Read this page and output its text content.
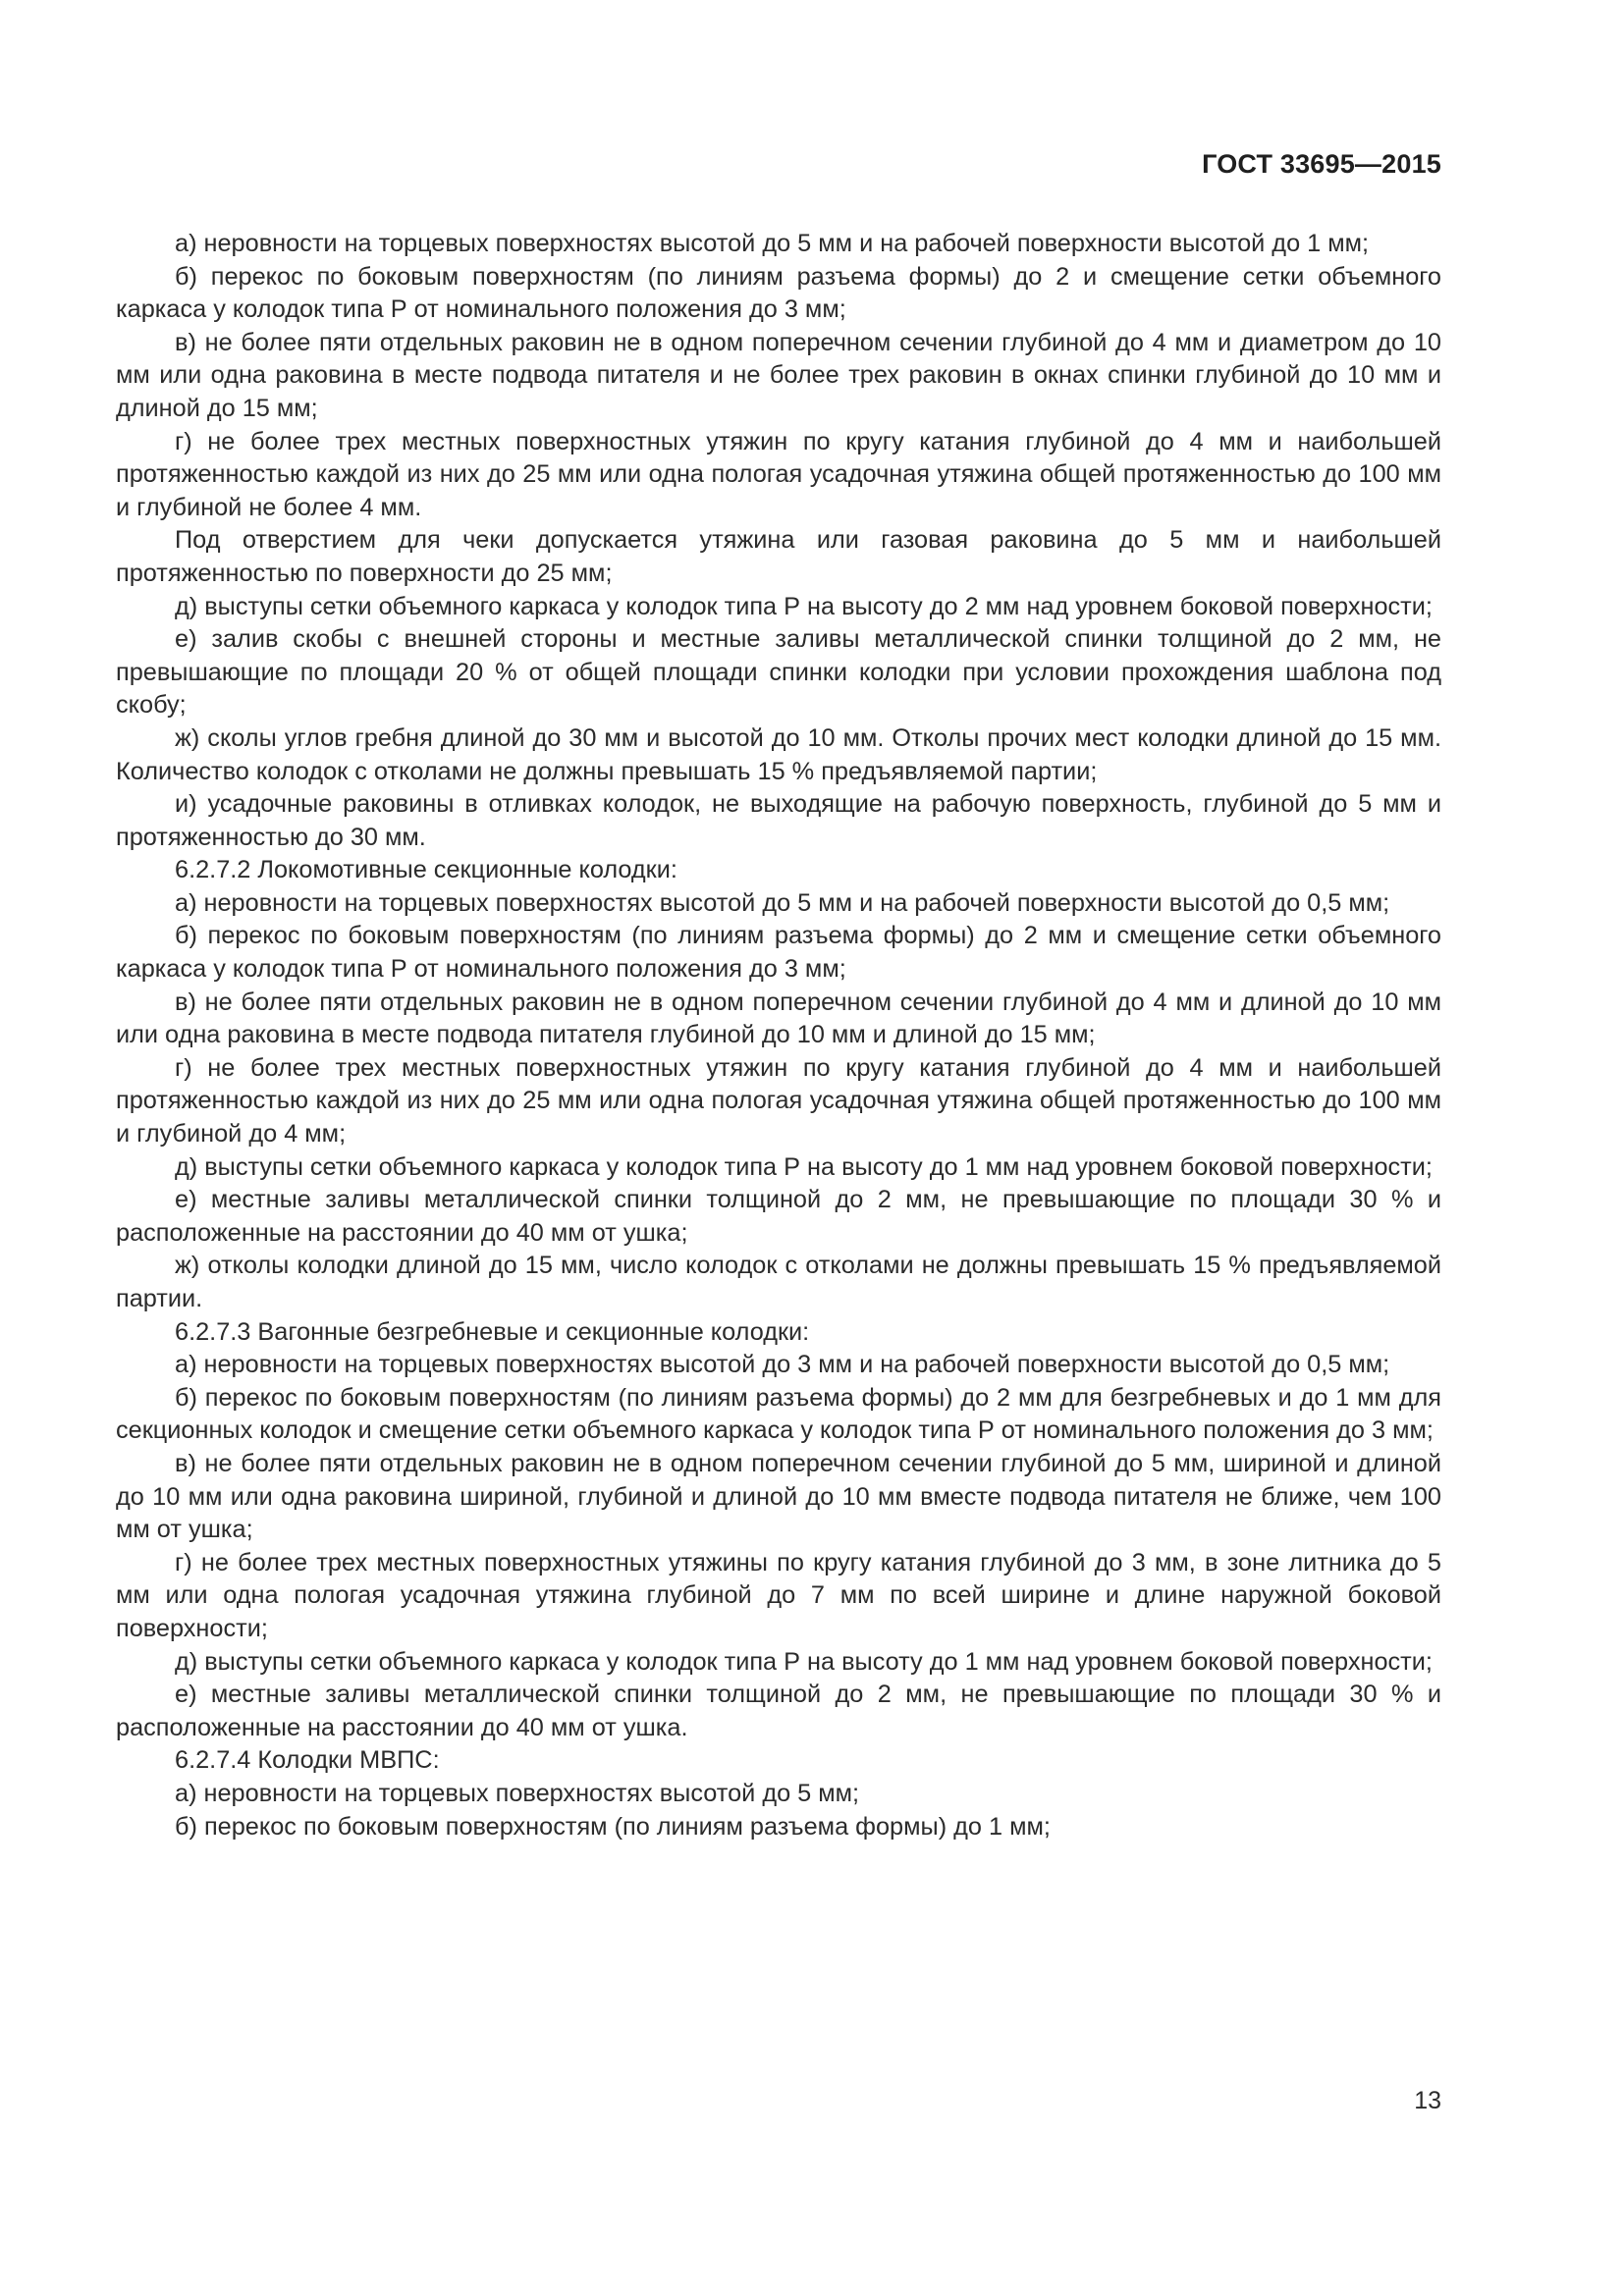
ГОСТ 33695—2015

а) неровности на торцевых поверхностях высотой до 5 мм и на рабочей поверхности высотой до 1 мм;

б) перекос по боковым поверхностям (по линиям разъема формы) до 2 и смещение сетки объемного каркаса у колодок типа Р от номинального положения до 3 мм;

в) не более пяти отдельных раковин не в одном поперечном сечении глубиной до 4 мм и диаметром до 10 мм или одна раковина в месте подвода питателя и не более трех раковин в окнах спинки глубиной до 10 мм и длиной до 15 мм;

г) не более трех местных поверхностных утяжин по кругу катания глубиной до 4 мм и наибольшей протяженностью каждой из них до 25 мм или одна пологая усадочная утяжина общей протяженностью до 100 мм и глубиной не более 4 мм.

Под отверстием для чеки допускается утяжина или газовая раковина до 5 мм и наибольшей протяженностью по поверхности до 25 мм;

д) выступы сетки объемного каркаса у колодок типа Р на высоту до 2 мм над уровнем боковой поверхности;

е) залив скобы с внешней стороны и местные заливы металлической спинки толщиной до 2 мм, не превышающие по площади 20 % от общей площади спинки колодки при условии прохождения шаблона под скобу;

ж) сколы углов гребня длиной до 30 мм и высотой до 10 мм. Отколы прочих мест колодки длиной до 15 мм. Количество колодок с отколами не должны превышать 15 % предъявляемой партии;

и) усадочные раковины в отливках колодок, не выходящие на рабочую поверхность, глубиной до 5 мм и протяженностью до 30 мм.

6.2.7.2 Локомотивные секционные колодки:

а) неровности на торцевых поверхностях высотой до 5 мм и на рабочей поверхности высотой до 0,5 мм;

б) перекос по боковым поверхностям (по линиям разъема формы) до 2 мм и смещение сетки объемного каркаса у колодок типа Р от номинального положения до 3 мм;

в) не более пяти отдельных раковин не в одном поперечном сечении глубиной до 4 мм и длиной до 10 мм или одна раковина в месте подвода питателя глубиной до 10 мм и длиной до 15 мм;

г) не более трех местных поверхностных утяжин по кругу катания глубиной до 4 мм и наибольшей протяженностью каждой из них до 25 мм или одна пологая усадочная утяжина общей протяженностью до 100 мм и глубиной до 4 мм;

д) выступы сетки объемного каркаса у колодок типа Р на высоту до 1 мм над уровнем боковой поверхности;

е) местные заливы металлической спинки толщиной до 2 мм, не превышающие по площади 30 % и расположенные на расстоянии до 40 мм от ушка;

ж) отколы колодки длиной до 15 мм, число колодок с отколами не должны превышать 15 % предъявляемой партии.

6.2.7.3 Вагонные безгребневые и секционные колодки:

а) неровности на торцевых поверхностях высотой до 3 мм и на рабочей поверхности высотой до 0,5 мм;

б) перекос по боковым поверхностям (по линиям разъема формы) до 2 мм для безгребневых и до 1 мм для секционных колодок и смещение сетки объемного каркаса у колодок типа Р от номинального положения до 3 мм;

в) не более пяти отдельных раковин не в одном поперечном сечении глубиной до 5 мм, шириной и длиной до 10 мм или одна раковина шириной, глубиной и длиной до 10 мм вместе подвода питателя не ближе, чем 100 мм от ушка;

г) не более трех местных поверхностных утяжины по кругу катания глубиной до 3 мм, в зоне литника до 5 мм или одна пологая усадочная утяжина глубиной до 7 мм по всей ширине и длине наружной боковой поверхности;

д) выступы сетки объемного каркаса у колодок типа Р на высоту до 1 мм над уровнем боковой поверхности;

е) местные заливы металлической спинки толщиной до 2 мм, не превышающие по площади 30 % и расположенные на расстоянии до 40 мм от ушка.

6.2.7.4 Колодки МВПС:

а) неровности на торцевых поверхностях высотой до 5 мм;

б) перекос по боковым поверхностям (по линиям разъема формы) до 1 мм;

13
